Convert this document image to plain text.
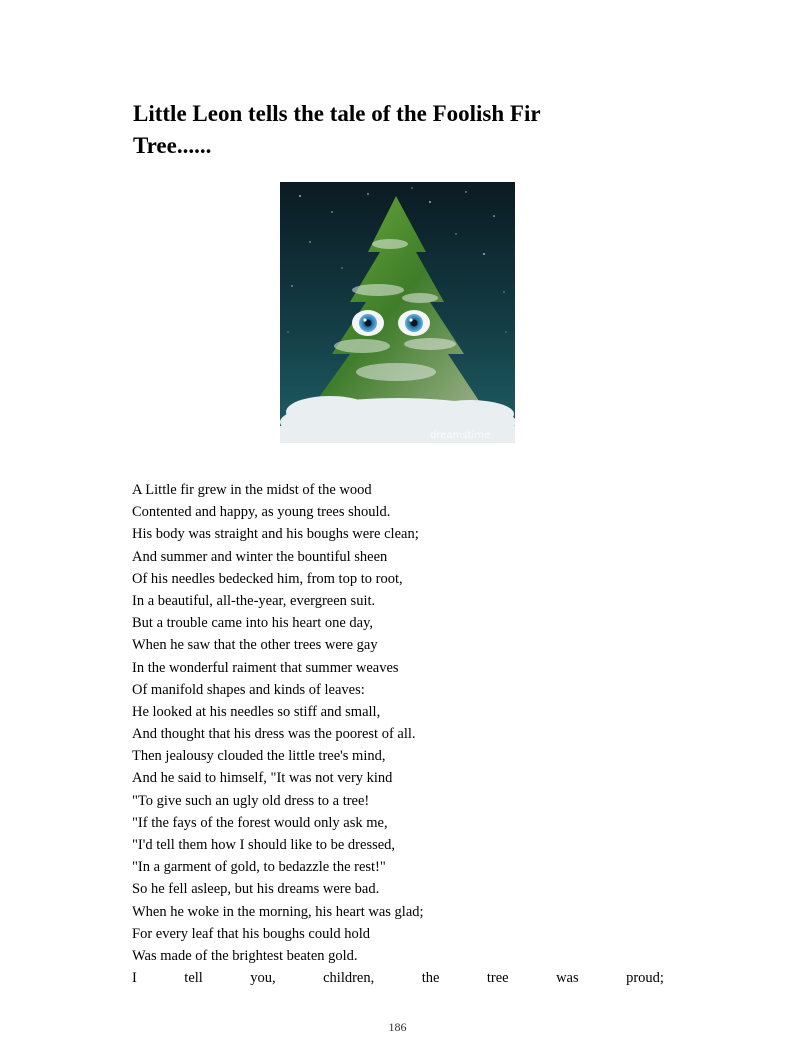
Little Leon tells the tale of the Foolish Fir Tree......
dreamstime
A Little fir grew in the midst of the wood
Contented and happy, as young trees should.
His body was straight and his boughs were clean;
And summer and winter the bountiful sheen
Of his needles bedecked him, from top to root,
In a beautiful, all-the-year, evergreen suit.
But a trouble came into his heart one day,
When he saw that the other trees were gay
In the wonderful raiment that summer weaves
Of manifold shapes and kinds of leaves:
He looked at his needles so stiff and small,
And thought that his dress was the poorest of all.
Then jealousy clouded the little tree's mind,
And he said to himself, "It was not very kind
"To give such an ugly old dress to a tree!
"If the fays of the forest would only ask me,
"I'd tell them how I should like to be dressed,
"In a garment of gold, to bedazzle the rest!"
So he fell asleep, but his dreams were bad.
When he woke in the morning, his heart was glad;
For every leaf that his boughs could hold
Was made of the brightest beaten gold.
I	tell	you,	children,	the	tree	was	proud;
186
